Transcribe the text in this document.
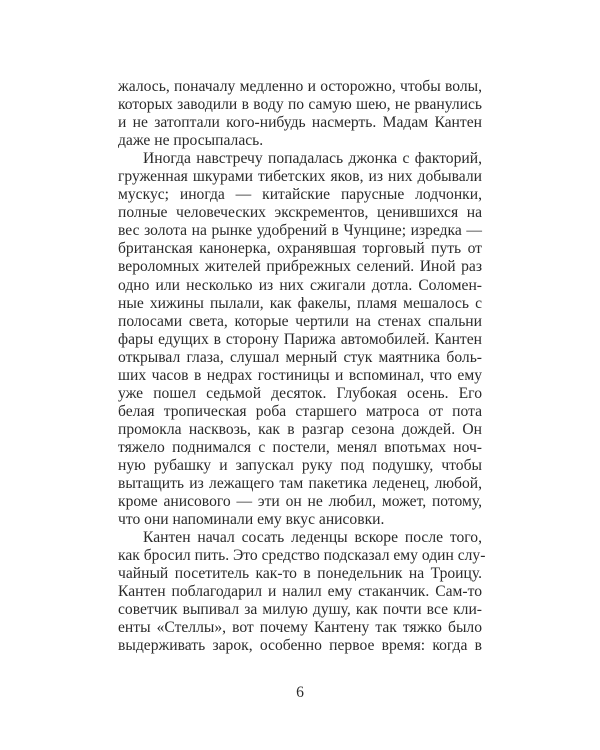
жалось, поначалу медленно и осторожно, чтобы волы,
которых заводили в воду по самую шею, не рванулись
и не затоптали кого-нибудь насмерть. Мадам Кантен
даже не просыпалась.
Иногда навстречу попадалась джонка с факторий,
груженная шкурами тибетских яков, из них добывали
мускус; иногда — китайские парусные лодчонки,
полные человеческих экскрементов, ценившихся на
вес золота на рынке удобрений в Чунцине; изредка —
британская канонерка, охранявшая торговый путь от
вероломных жителей прибрежных селений. Иной раз
одно или несколько из них сжигали дотла. Соломен-
ные хижины пылали, как факелы, пламя мешалось с
полосами света, которые чертили на стенах спальни
фары едущих в сторону Парижа автомобилей. Кантен
открывал глаза, слушал мерный стук маятника боль-
ших часов в недрах гостиницы и вспоминал, что ему
уже пошел седьмой десяток. Глубокая осень. Его
белая тропическая роба старшего матроса от пота
промокла насквозь, как в разгар сезона дождей. Он
тяжело поднимался с постели, менял впотьмах ноч-
ную рубашку и запускал руку под подушку, чтобы
вытащить из лежащего там пакетика леденец, любой,
кроме анисового — эти он не любил, может, потому,
что они напоминали ему вкус анисовки.
Кантен начал сосать леденцы вскоре после того,
как бросил пить. Это средство подсказал ему один слу-
чайный посетитель как-то в понедельник на Троицу.
Кантен поблагодарил и налил ему стаканчик. Сам-то
советчик выпивал за милую душу, как почти все кли-
енты «Стеллы», вот почему Кантену так тяжко было
выдерживать зарок, особенно первое время: когда в
6
